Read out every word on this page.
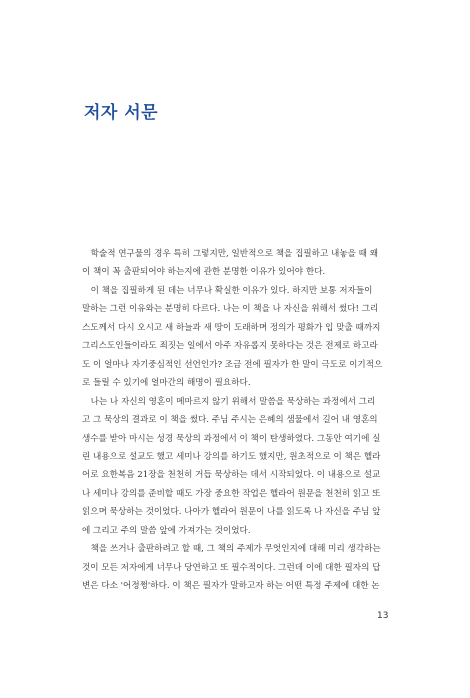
저자 서문

　학술적 연구물의 경우 특히 그렇지만, 일반적으로 책을 집필하고 내놓을 때 왜
이 책이 꼭 출판되어야 하는지에 관한 분명한 이유가 있어야 한다.

　이 책을 집필하게 된 데는 너무나 확실한 이유가 있다. 하지만 보통 저자들이
말하는 그런 이유와는 분명히 다르다. 나는 이 책을 나 자신을 위해서 썼다! 그리
스도께서 다시 오시고 새 하늘과 새 땅이 도래하며 정의가 평화가 입 맞출 때까지
그리스도인들이라도 죄짓는 일에서 아주 자유롭지 못하다는 것은 전제로 하고라
도 이 얼마나 자기중심적인 선언인가? 조금 전에 필자가 한 말이 극도로 이기적으
로 들릴 수 있기에 얼마간의 해명이 필요하다.

　나는 나 자신의 영혼이 메마르지 않기 위해서 말씀을 묵상하는 과정에서 그리
고 그 묵상의 결과로 이 책을 썼다. 주님 주시는 은혜의 샘물에서 길어 내 영혼의
생수를 받아 마시는 성경 묵상의 과정에서 이 책이 탄생하였다. 그동안 여기에 실
린 내용으로 설교도 했고 세미나 강의를 하기도 했지만, 원초적으로 이 책은 헬라
어로 요한복음 21장을 천천히 거듭 묵상하는 데서 시작되었다. 이 내용으로 설교
나 세미나 강의를 준비할 때도 가장 중요한 작업은 헬라어 원문을 천천히 읽고 또
읽으며 묵상하는 것이었다. 나아가 헬라어 원문이 나를 읽도록 나 자신을 주님 앞
에 그리고 주의 말씀 앞에 가져가는 것이었다.

　책을 쓰거나 출판하려고 할 때, 그 책의 주제가 무엇인지에 대해 미리 생각하는
것이 모든 저자에게 너무나 당연하고 또 필수적이다. 그런데 이에 대한 필자의 답
변은 다소 '어정쩡'하다. 이 책은 필자가 말하고자 하는 어떤 특정 주제에 대한 논

13
